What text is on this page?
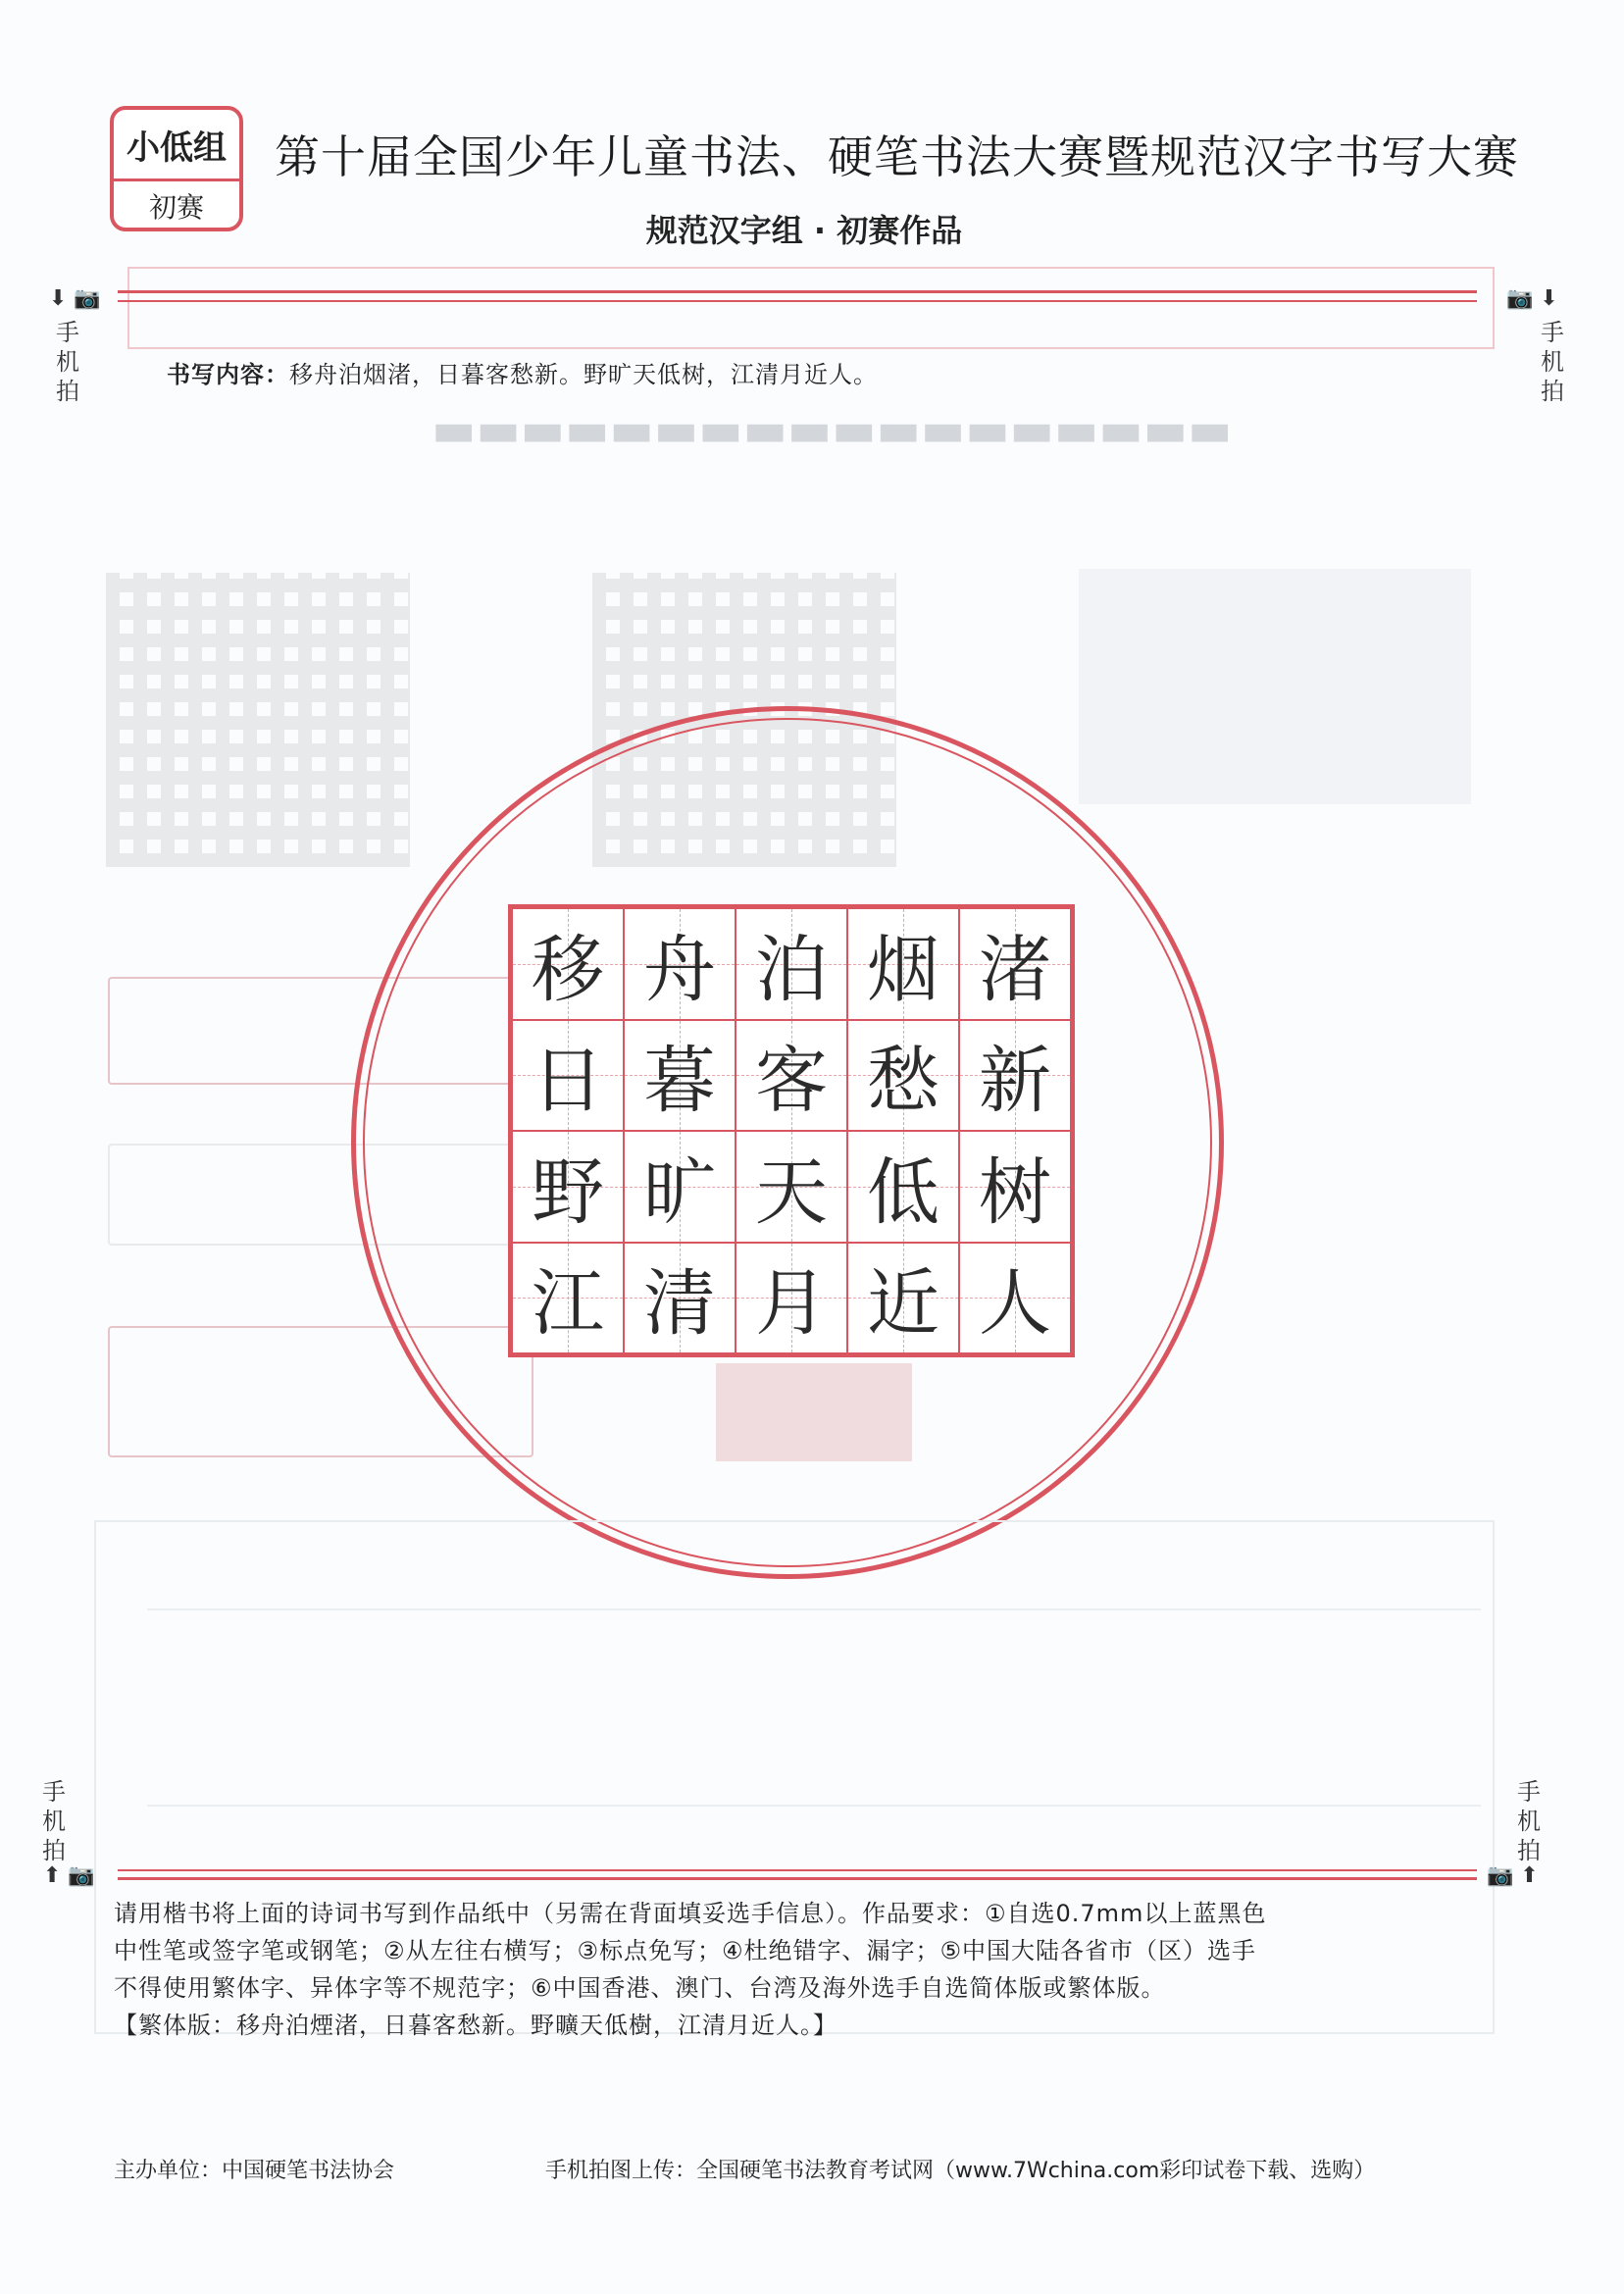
小低组
初赛
第十届全国少年儿童书法、硬笔书法大赛暨规范汉字书写大赛
规范汉字组 · 初赛作品
⬇ 📷
手
机
拍
📷 ⬇
手
机
拍
书写内容：移舟泊烟渚，日暮客愁新。野旷天低树，江清月近人。
▬▬▬▬▬▬▬▬▬▬▬▬▬▬▬▬▬▬
移 舟 泊 烟 渚
日 暮 客 愁 新
野 旷 天 低 树
江 清 月 近 人
手
机
拍
⬆ 📷
手
机
拍
📷 ⬆

请用楷书将上面的诗词书写到作品纸中（另需在背面填妥选手信息）。作品要求：①自选0.7mm以上蓝黑色

中性笔或签字笔或钢笔；②从左往右横写；③标点免写；④杜绝错字、漏字；⑤中国大陆各省市（区）选手

不得使用繁体字、异体字等不规范字；⑥中国香港、澳门、台湾及海外选手自选简体版或繁体版。

【繁体版：移舟泊煙渚，日暮客愁新。野曠天低樹，江清月近人。】

主办单位：中国硬笔书法协会	手机拍图上传：全国硬笔书法教育考试网（www.7Wchina.com彩印试卷下载、选购）
